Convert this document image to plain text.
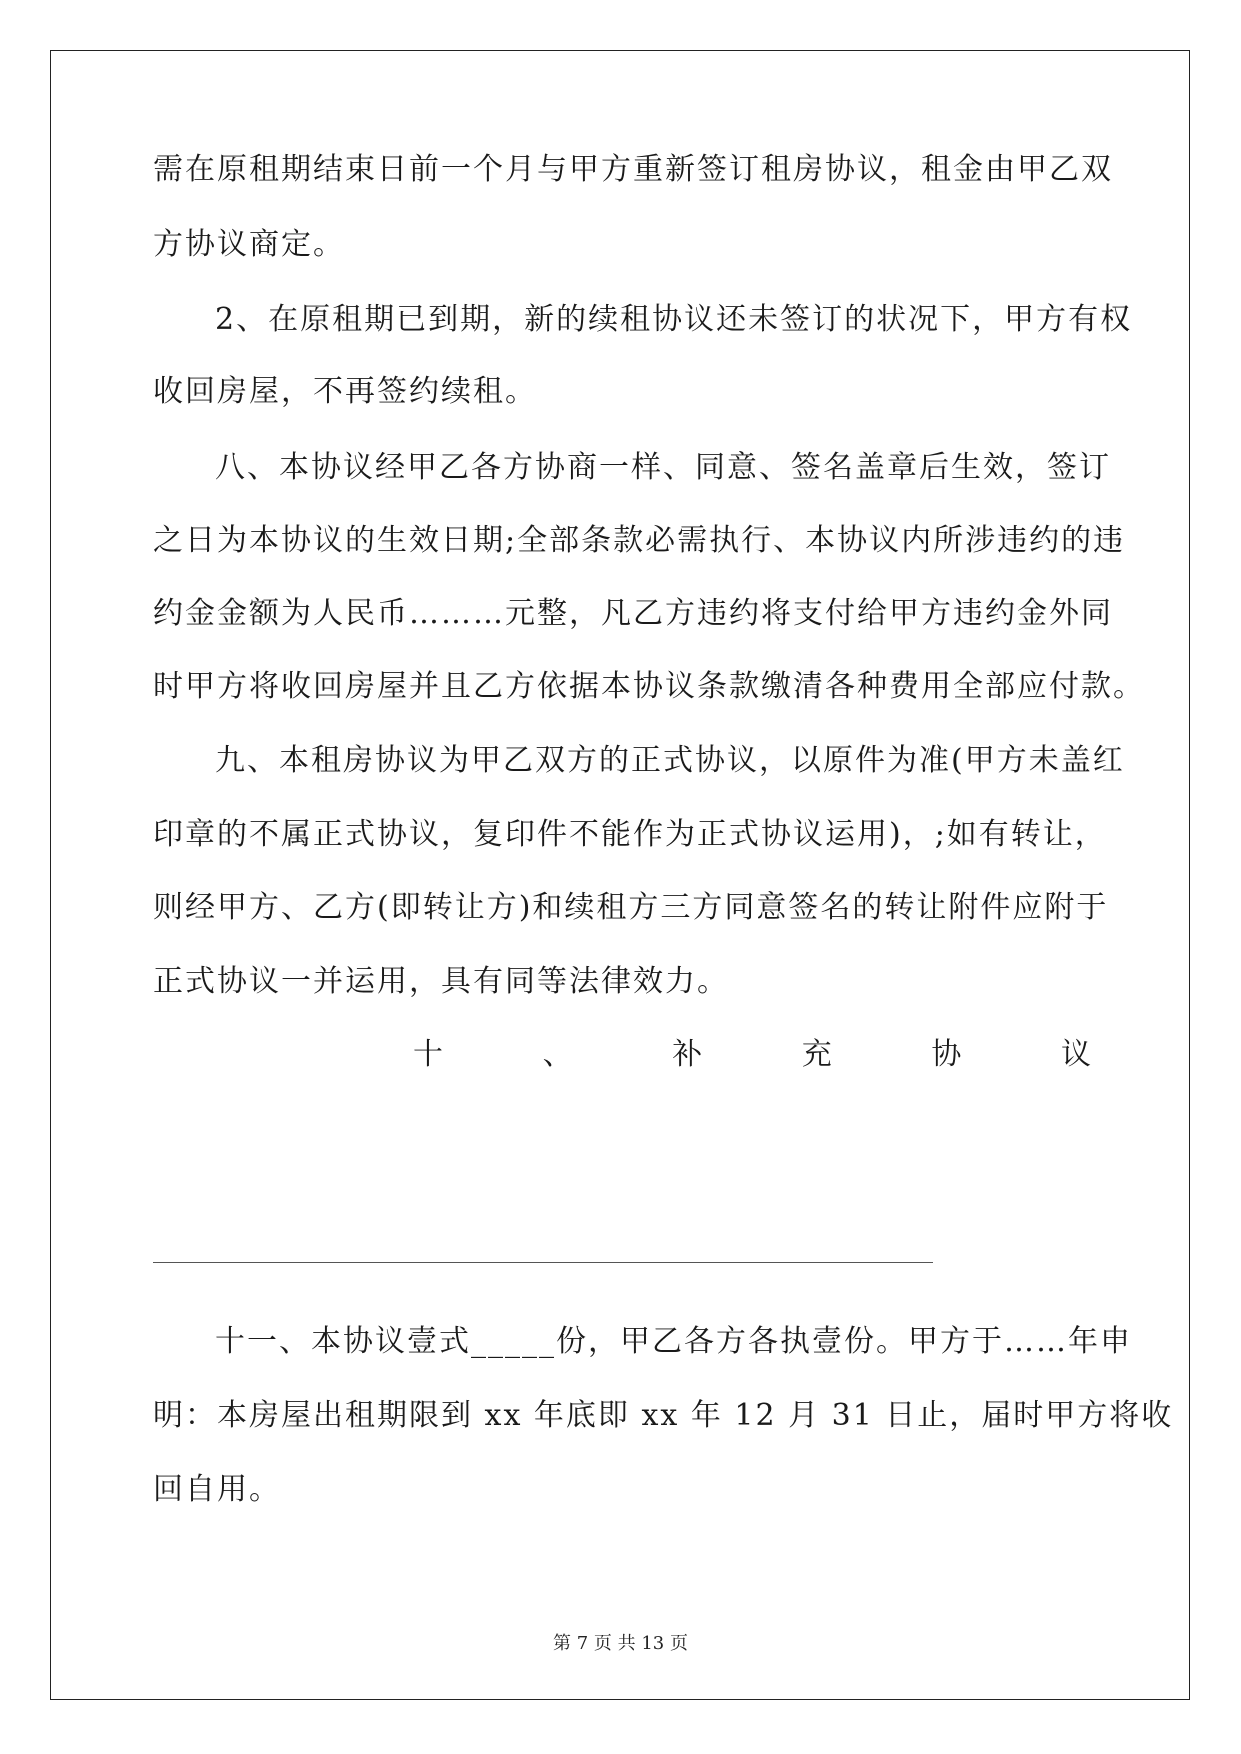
需在原租期结束日前一个月与甲方重新签订租房协议，租金由甲乙双
方协议商定。
2、在原租期已到期，新的续租协议还未签订的状况下，甲方有权
收回房屋，不再签约续租。
八、本协议经甲乙各方协商一样、同意、签名盖章后生效，签订
之日为本协议的生效日期;全部条款必需执行、本协议内所涉违约的违
约金金额为人民币………元整，凡乙方违约将支付给甲方违约金外同
时甲方将收回房屋并且乙方依据本协议条款缴清各种费用全部应付款。
九、本租房协议为甲乙双方的正式协议，以原件为准(甲方未盖红
印章的不属正式协议，复印件不能作为正式协议运用)，;如有转让，
则经甲方、乙方(即转让方)和续租方三方同意签名的转让附件应附于
正式协议一并运用，具有同等法律效力。
十	、	补	充	协	议
十一、本协议壹式_____份，甲乙各方各执壹份。甲方于……年申
明：本房屋出租期限到 xx 年底即 xx 年 12 月 31 日止，届时甲方将收
回自用。
第 7 页 共 13 页
